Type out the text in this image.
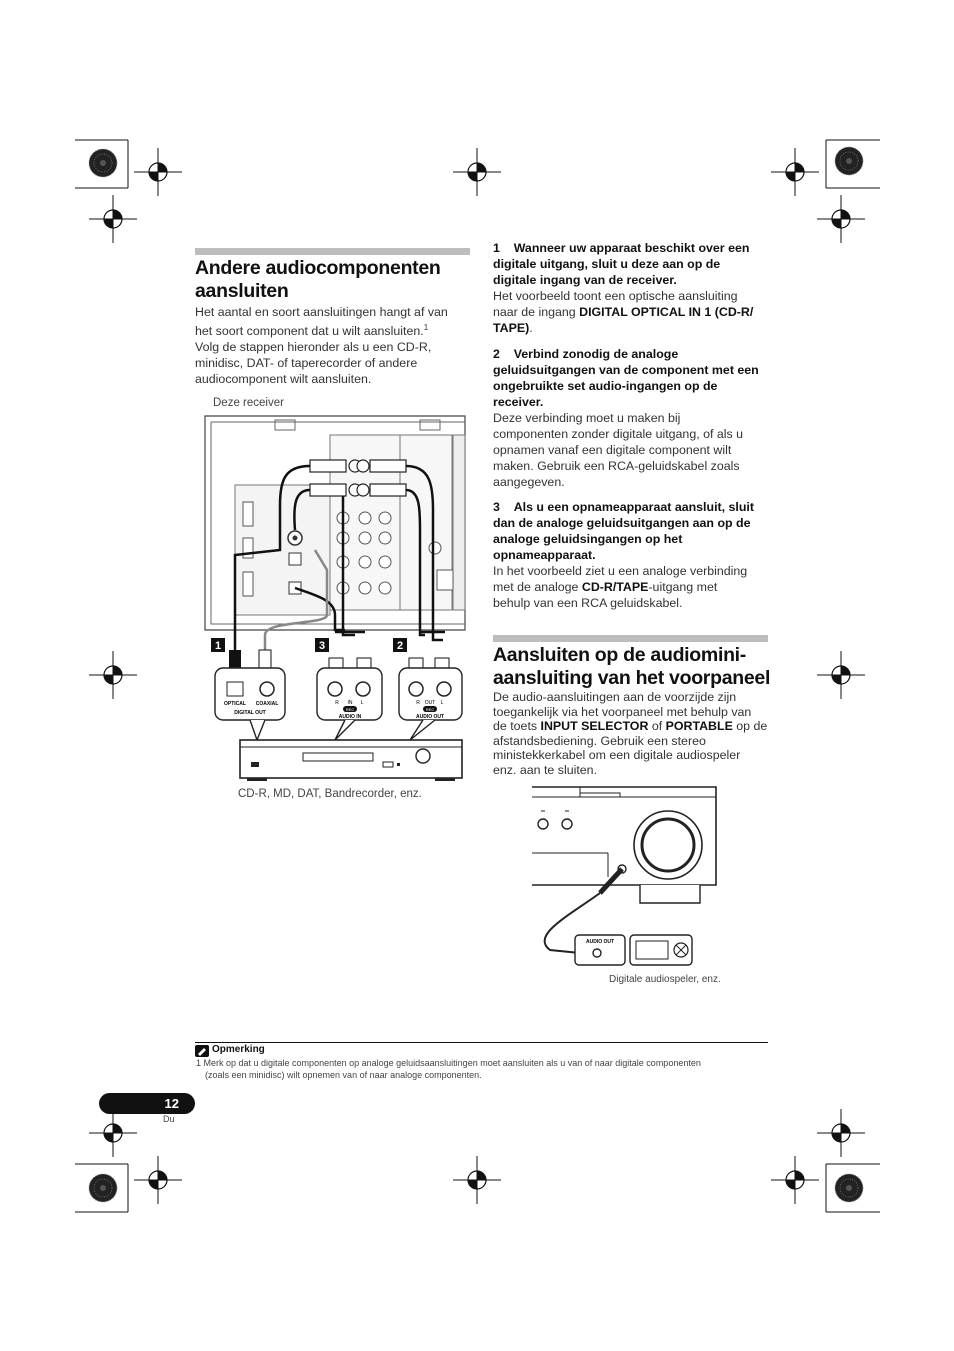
Andere audiocomponenten
aansluiten
Het aantal en soort aansluitingen hangt af van
het soort component dat u wilt aansluiten.$^1$
Volg de stappen hieronder als u een CD-R,
minidisc, DAT- of taperecorder of andere
audiocomponent wilt aansluiten.
Deze receiver
1	3	2
OPTICAL COAXIAL
DIGITAL OUT
R IN L
REC
AUDIO IN
R OUT L
REC
AUDIO OUT
CD-R, MD, DAT, Bandrecorder, enz.
1 Wanneer uw apparaat beschikt over een
digitale uitgang, sluit u deze aan op de
digitale ingang van de receiver.
Het voorbeeld toont een optische aansluiting
naar de ingang DIGITAL OPTICAL IN 1 (CD-R/
TAPE).
2 Verbind zonodig de analoge
geluidsuitgangen van de component met een
ongebruikte set audio-ingangen op de
receiver.
Deze verbinding moet u maken bij
componenten zonder digitale uitgang, of als u
opnamen vanaf een digitale component wilt
maken. Gebruik een RCA-geluidskabel zoals
aangegeven.
3 Als u een opnameapparaat aansluit, sluit
dan de analoge geluidsuitgangen aan op de
analoge geluidsingangen op het
opnameapparaat.
In het voorbeeld ziet u een analoge verbinding
met de analoge CD-R/TAPE-uitgang met
behulp van een RCA geluidskabel.
Aansluiten op de audiomini-
aansluiting van het voorpaneel
De audio-aansluitingen aan de voorzijde zijn
toegankelijk via het voorpaneel met behulp van
de toets INPUT SELECTOR of PORTABLE op de
afstandsbediening. Gebruik een stereo
ministekkerkabel om een digitale audiospeler
enz. aan te sluiten.
AUDIO OUT
Digitale audiospeler, enz.
Opmerking
1 Merk op dat u digitale componenten op analoge geluidsaansluitingen moet aansluiten als u van of naar digitale componenten
(zoals een minidisc) wilt opnemen van of naar analoge componenten.
12
Du
